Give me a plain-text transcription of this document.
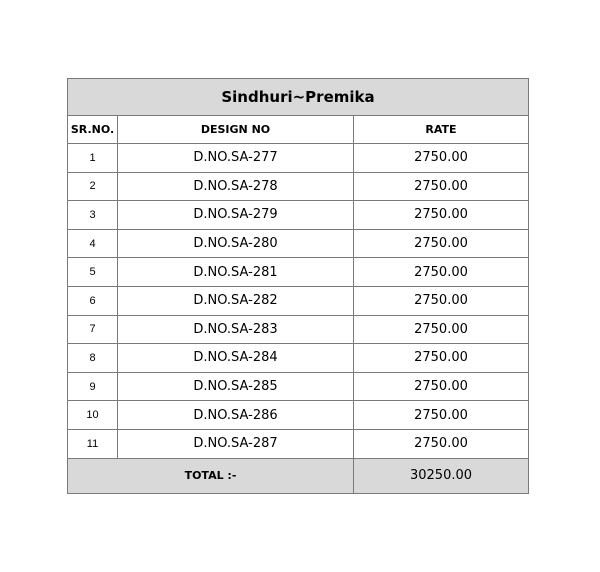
Sindhuri~Premika		
SR.NO.	DESIGN NO	RATE
1	D.NO.SA-277	2750.00
2	D.NO.SA-278	2750.00
3	D.NO.SA-279	2750.00
4	D.NO.SA-280	2750.00
5	D.NO.SA-281	2750.00
6	D.NO.SA-282	2750.00
7	D.NO.SA-283	2750.00
8	D.NO.SA-284	2750.00
9	D.NO.SA-285	2750.00
10	D.NO.SA-286	2750.00
11	D.NO.SA-287	2750.00
TOTAL :-		30250.00
